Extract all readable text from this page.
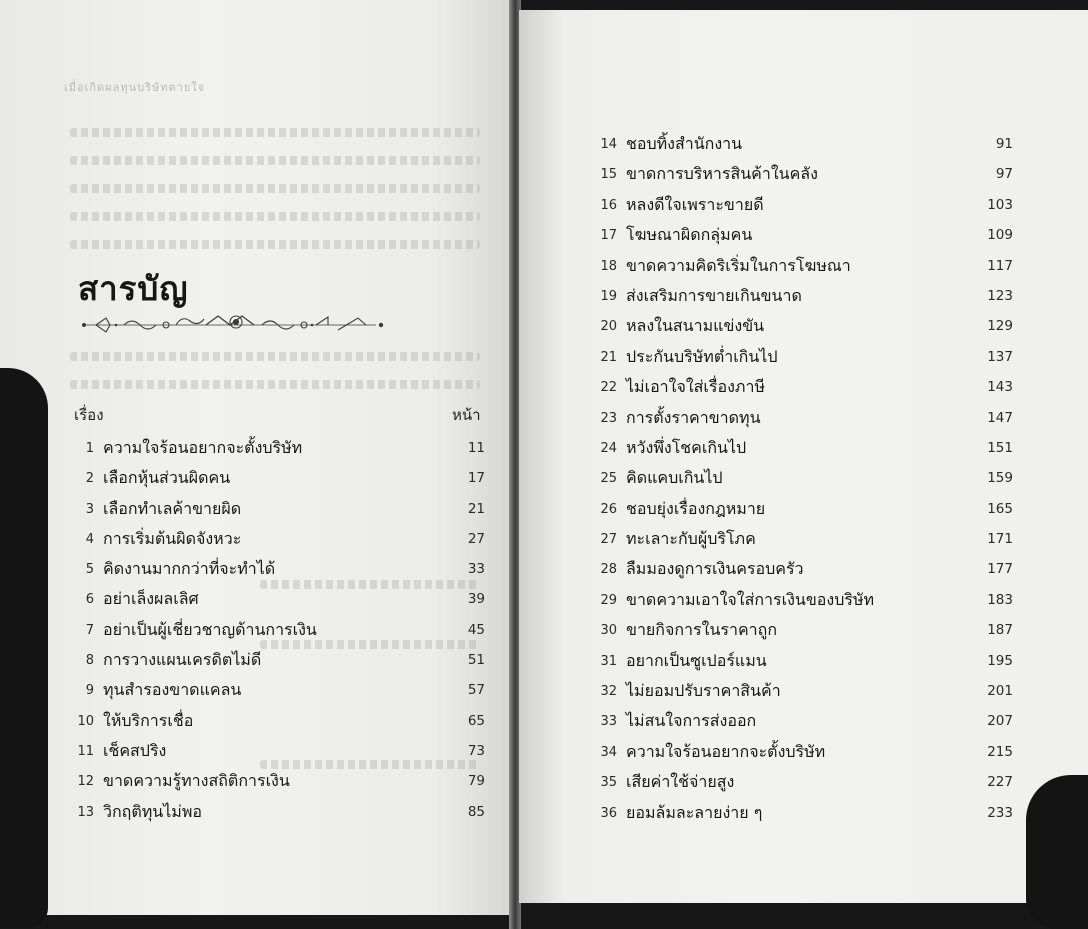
เมื่อเกิดผลทุนบริษัทตายใจ
สารบัญ
เรื่อง	หน้า
1 ความใจร้อนอยากจะตั้งบริษัท	11
2 เลือกหุ้นส่วนผิดคน	17
3 เลือกทำเลค้าขายผิด	21
4 การเริ่มต้นผิดจังหวะ	27
5 คิดงานมากกว่าที่จะทำได้	33
6 อย่าเล็งผลเลิศ	39
7 อย่าเป็นผู้เชี่ยวชาญด้านการเงิน	45
8 การวางแผนเครดิตไม่ดี	51
9 ทุนสำรองขาดแคลน	57
10 ให้บริการเชื่อ	65
11 เช็คสปริง	73
12 ขาดความรู้ทางสถิติการเงิน	79
13 วิกฤติทุนไม่พอ	85
14 ชอบทิ้งสำนักงาน	91
15 ขาดการบริหารสินค้าในคลัง	97
16 หลงดีใจเพราะขายดี	103
17 โฆษณาผิดกลุ่มคน	109
18 ขาดความคิดริเริ่มในการโฆษณา	117
19 ส่งเสริมการขายเกินขนาด	123
20 หลงในสนามแข่งขัน	129
21 ประกันบริษัทต่ำเกินไป	137
22 ไม่เอาใจใส่เรื่องภาษี	143
23 การตั้งราคาขาดทุน	147
24 หวังพึ่งโชคเกินไป	151
25 คิดแคบเกินไป	159
26 ชอบยุ่งเรื่องกฎหมาย	165
27 ทะเลาะกับผู้บริโภค	171
28 ลืมมองดูการเงินครอบครัว	177
29 ขาดความเอาใจใส่การเงินของบริษัท	183
30 ขายกิจการในราคาถูก	187
31 อยากเป็นซูเปอร์แมน	195
32 ไม่ยอมปรับราคาสินค้า	201
33 ไม่สนใจการส่งออก	207
34 ความใจร้อนอยากจะตั้งบริษัท	215
35 เสียค่าใช้จ่ายสูง	227
36 ยอมล้มละลายง่าย ๆ	233
